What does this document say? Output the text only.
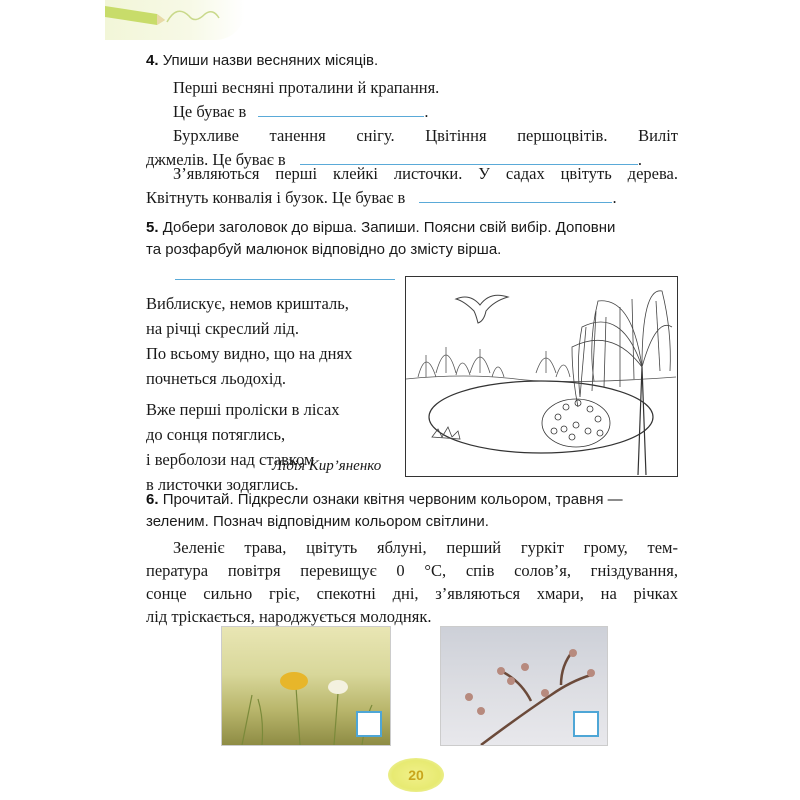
4. Упиши назви весняних місяців.
Перші весняні проталини й крапання.
Це буває в	.
Бурхливе танення снігу. Цвітіння першоцвітів. Виліт
джмелів. Це буває в	.
З’являються перші клейкі листочки. У садах цвітуть дерева.
Квітнуть конвалія і бузок. Це буває в	.
5. Добери заголовок до вірша. Запиши. Поясни свій вибір. Доповни
та розфарбуй малюнок відповідно до змісту вірша.
Виблискує, немов кришталь,
на річці скреслий лід.
По всьому видно, що на днях
почнеться льодохід.
Вже перші проліски в лісах
до сонця потяглись,
і верболози над ставком
в листочки зодяглись.
Лідія Кир’яненко
6. Прочитай. Підкресли ознаки квітня червоним кольором, травня —
зеленим. Познач відповідним кольором світлини.
Зеленіє трава, цвітуть яблуні, перший гуркіт грому, тем-
пература повітря перевищує 0 °С, спів солов’я, гніздування,
сонце сильно гріє, спекотні дні, з’являються хмари, на річках
лід тріскається, народжується молодняк.
20
